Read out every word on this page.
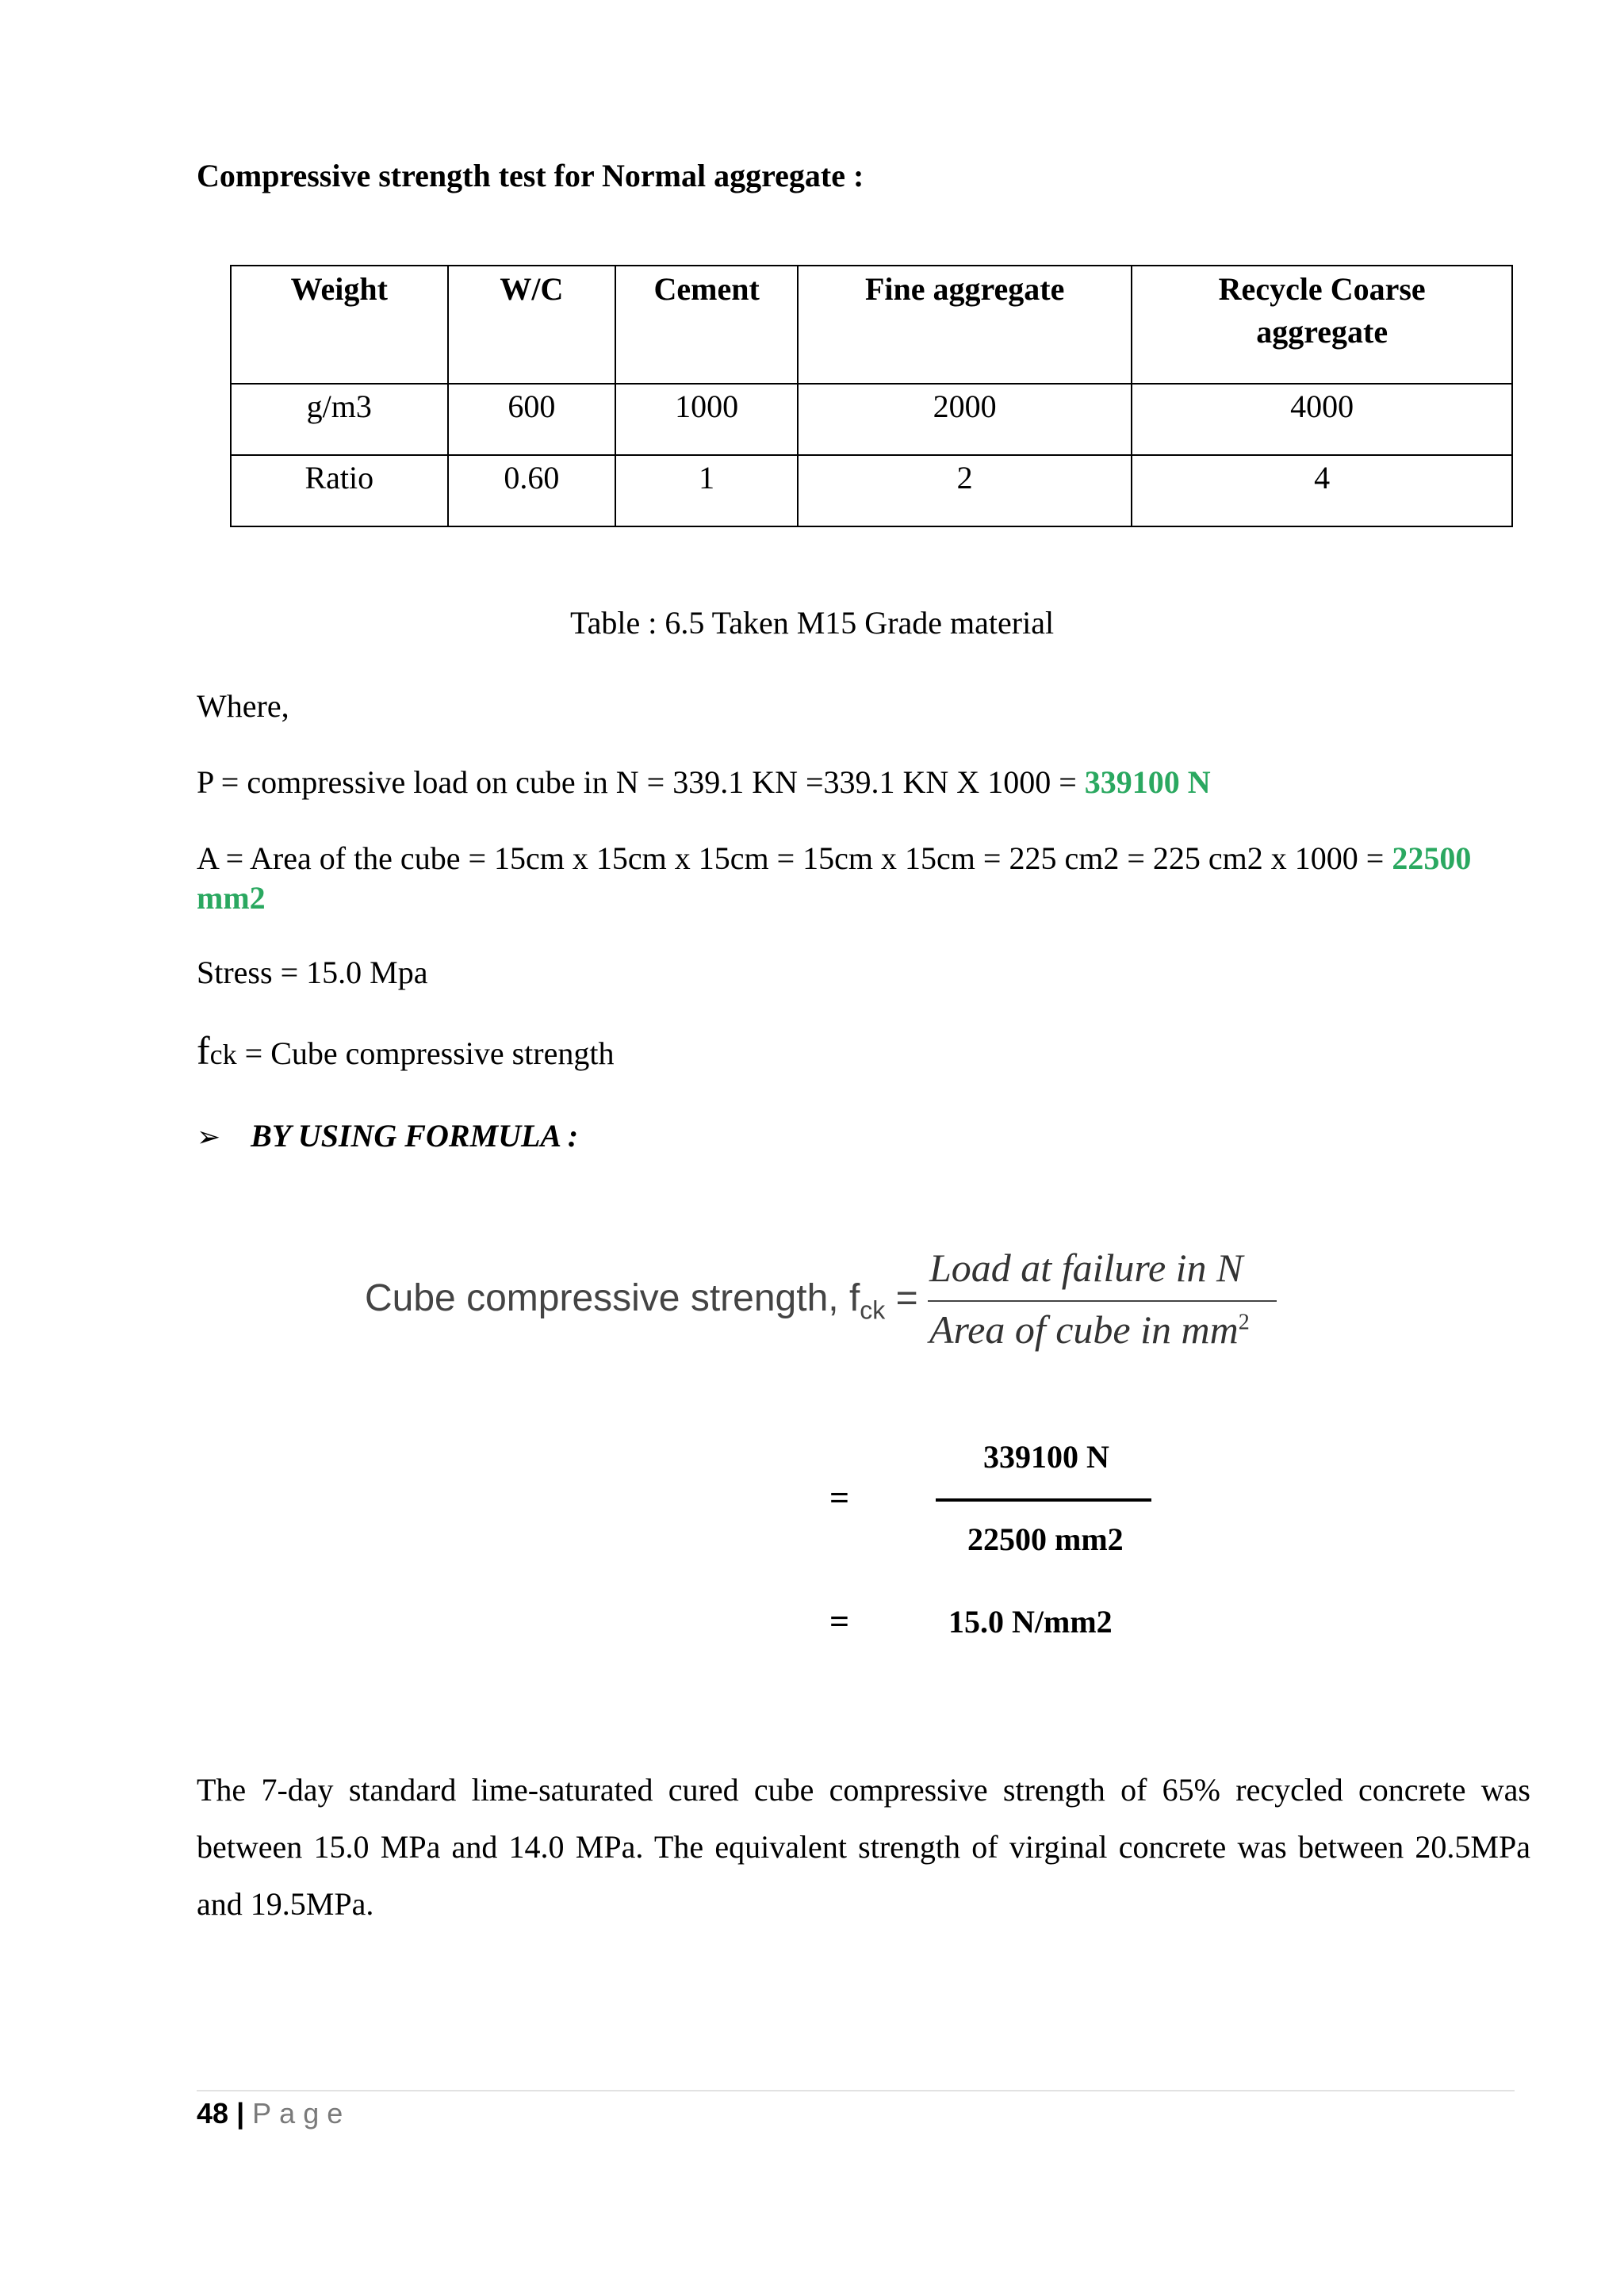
Compressive strength test for Normal aggregate :
Weight	W/C	Cement	Fine aggregate	Recycle Coarse aggregate
g/m3	600	1000	2000	4000
Ratio	0.60	1	2	4
Table : 6.5 Taken M15 Grade material
Where,
P = compressive load on cube in N = 339.1 KN =339.1 KN X 1000 = 339100 N
A = Area of the cube = 15cm x 15cm x 15cm = 15cm x 15cm = 225 cm2 = 225 cm2 x 1000 = 22500
mm2
Stress = 15.0 Mpa
fck = Cube compressive strength
➢ BY USING FORMULA :
Cube compressive strength, $f_{ck}$ =
Load at failure in N
Area of cube in $mm^2$
339100 N
=
22500 mm2
=	15.0 N/mm2
The 7-day standard lime-saturated cured cube compressive strength of 65% recycled concrete was between 15.0 MPa and 14.0 MPa. The equivalent strength of virginal concrete was between 20.5MPa and 19.5MPa.
48 | Page
